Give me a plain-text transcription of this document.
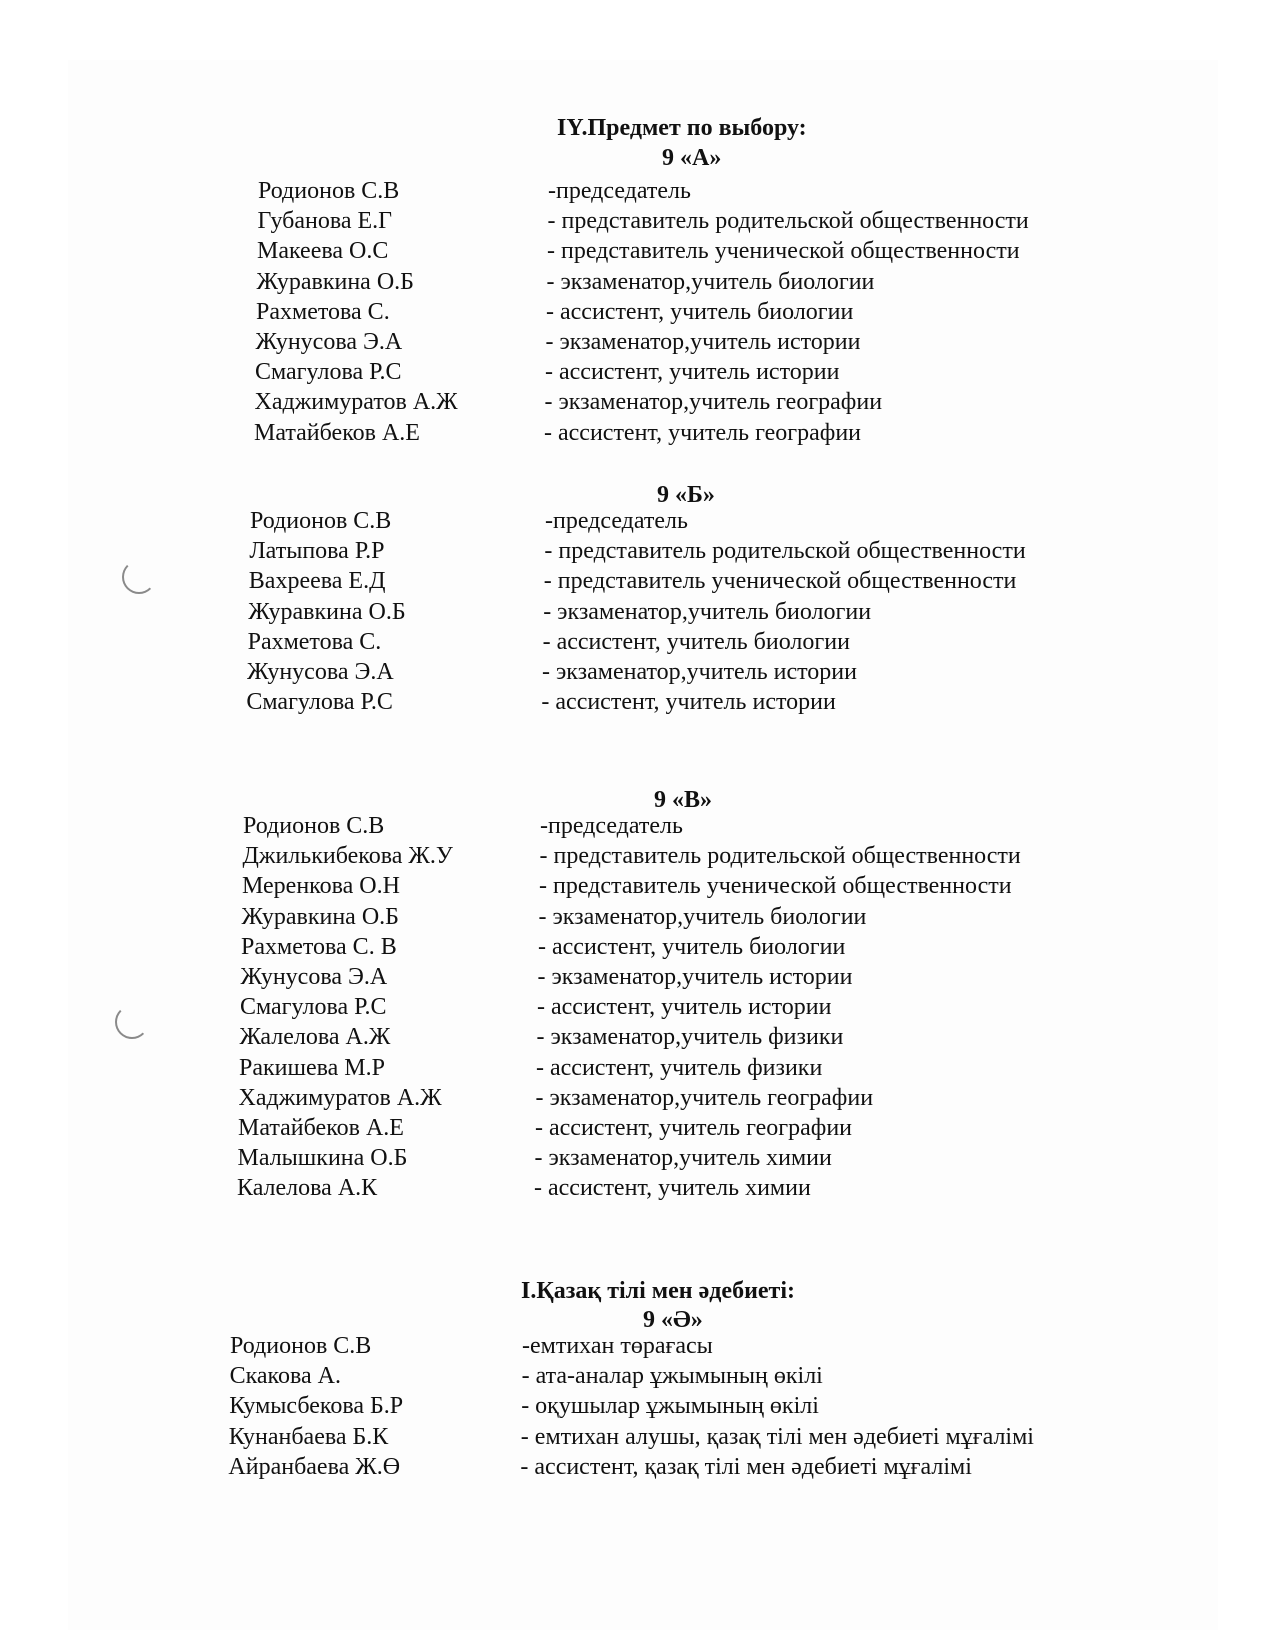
IY.Предмет по выбору:
9 «А»
Родионов С.В	-председатель
Губанова Е.Г	- представитель родительской общественности
Макеева О.С	- представитель ученической общественности
Журавкина О.Б	- экзаменатор,учитель биологии
Рахметова С.	- ассистент, учитель биологии
Жунусова Э.А	- экзаменатор,учитель истории
Смагулова Р.С	- ассистент, учитель истории
Хаджимуратов А.Ж	- экзаменатор,учитель географии
Матайбеков А.Е	- ассистент, учитель географии
9 «Б»
Родионов С.В	-председатель
Латыпова Р.Р	- представитель родительской общественности
Вахреева Е.Д	- представитель ученической общественности
Журавкина О.Б	- экзаменатор,учитель биологии
Рахметова С.	- ассистент, учитель биологии
Жунусова Э.А	- экзаменатор,учитель истории
Смагулова Р.С	- ассистент, учитель истории
9 «В»
Родионов С.В	-председатель
Джилькибекова Ж.У	- представитель родительской общественности
Меренкова О.Н	- представитель ученической общественности
Журавкина О.Б	- экзаменатор,учитель биологии
Рахметова С. В	- ассистент, учитель биологии
Жунусова Э.А	- экзаменатор,учитель истории
Смагулова Р.С	- ассистент, учитель истории
Жалелова А.Ж	- экзаменатор,учитель физики
Ракишева М.Р	- ассистент, учитель физики
Хаджимуратов А.Ж	- экзаменатор,учитель географии
Матайбеков А.Е	- ассистент, учитель географии
Малышкина О.Б	- экзаменатор,учитель химии
Калелова А.К	- ассистент, учитель химии
I.Қазақ тілі мен әдебиеті:
9 «Ә»
Родионов С.В	-емтихан төрағасы
Скакова А.	- ата-аналар ұжымының өкілі
Кумысбекова Б.Р	- оқушылар ұжымының өкілі
Кунанбаева Б.К	- емтихан алушы, қазақ тілі мен әдебиеті мұғалімі
Айранбаева Ж.Ө	- ассистент, қазақ тілі мен әдебиеті мұғалімі
